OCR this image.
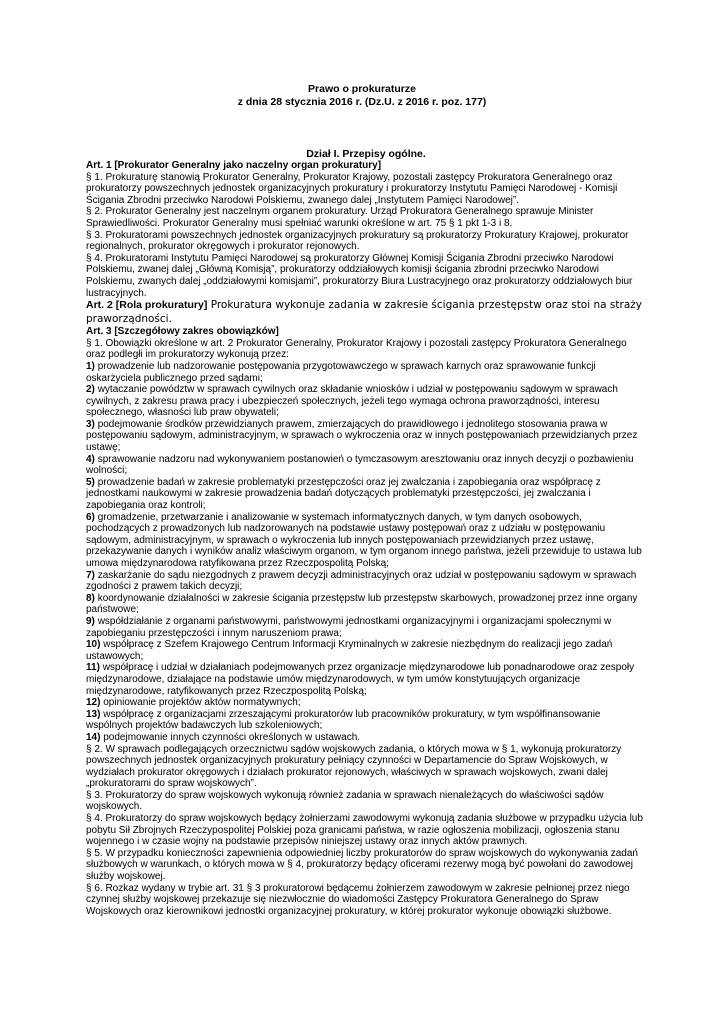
Prawo o prokuraturze
z dnia 28 stycznia 2016 r. (Dz.U. z 2016 r. poz. 177)
Dział I. Przepisy ogólne.
Art. 1 [Prokurator Generalny jako naczelny organ prokuratury]

§ 1. Prokuraturę stanowią Prokurator Generalny, Prokurator Krajowy, pozostali zastępcy Prokuratora Generalnego oraz prokuratorzy powszechnych jednostek organizacyjnych prokuratury i prokuratorzy Instytutu Pamięci Narodowej - Komisji Ścigania Zbrodni przeciwko Narodowi Polskiemu, zwanego dalej „Instytutem Pamięci Narodowej”.

§ 2. Prokurator Generalny jest naczelnym organem prokuratury. Urząd Prokuratora Generalnego sprawuje Minister Sprawiedliwości. Prokurator Generalny musi spełniać warunki określone w art. 75 § 1 pkt 1-3 i 8.

§ 3. Prokuratorami powszechnych jednostek organizacyjnych prokuratury są prokuratorzy Prokuratury Krajowej, prokurator regionalnych, prokurator okręgowych i prokurator rejonowych.

§ 4. Prokuratorami Instytutu Pamięci Narodowej są prokuratorzy Głównej Komisji Ścigania Zbrodni przeciwko Narodowi Polskiemu, zwanej dalej „Główną Komisją”, prokuratorzy oddziałowych komisji ścigania zbrodni przeciwko Narodowi Polskiemu, zwanych dalej „oddziałowymi komisjami”, prokuratorzy Biura Lustracyjnego oraz prokuratorzy oddziałowych biur lustracyjnych.

Art. 2 [Rola prokuratury] Prokuratura wykonuje zadania w zakresie ścigania przestępstw oraz stoi na straży praworządności.

Art. 3 [Szczegółowy zakres obowiązków]

§ 1. Obowiązki określone w art. 2 Prokurator Generalny, Prokurator Krajowy i pozostali zastępcy Prokuratora Generalnego oraz podległi im prokuratorzy wykonują przez:

1) prowadzenie lub nadzorowanie postępowania przygotowawczego w sprawach karnych oraz sprawowanie funkcji oskarżyciela publicznego przed sądami;

2) wytaczanie powództw w sprawach cywilnych oraz składanie wniosków i udział w postępowaniu sądowym w sprawach cywilnych, z zakresu prawa pracy i ubezpieczeń społecznych, jeżeli tego wymaga ochrona praworządności, interesu społecznego, własności lub praw obywateli;

3) podejmowanie środków przewidzianych prawem, zmierzających do prawidłowego i jednolitego stosowania prawa w postępowaniu sądowym, administracyjnym, w sprawach o wykroczenia oraz w innych postępowaniach przewidzianych przez ustawę;

4) sprawowanie nadzoru nad wykonywaniem postanowień o tymczasowym aresztowaniu oraz innych decyzji o pozbawieniu wolności;

5) prowadzenie badań w zakresie problematyki przestępczości oraz jej zwalczania i zapobiegania oraz współpracę z jednostkami naukowymi w zakresie prowadzenia badań dotyczących problematyki przestępczości, jej zwalczania i zapobiegania oraz kontroli;

6) gromadzenie, przetwarzanie i analizowanie w systemach informatycznych danych, w tym danych osobowych, pochodzących z prowadzonych lub nadzorowanych na podstawie ustawy postępowań oraz z udziału w postępowaniu sądowym, administracyjnym, w sprawach o wykroczenia lub innych postępowaniach przewidzianych przez ustawę, przekazywanie danych i wyników analiz właściwym organom, w tym organom innego państwa, jeżeli przewiduje to ustawa lub umowa międzynarodowa ratyfikowana przez Rzeczpospolitą Polską;

7) zaskarżanie do sądu niezgodnych z prawem decyzji administracyjnych oraz udział w postępowaniu sądowym w sprawach zgodności z prawem takich decyzji;

8) koordynowanie działalności w zakresie ścigania przestępstw lub przestępstw skarbowych, prowadzonej przez inne organy państwowe;

9) współdziałanie z organami państwowymi, państwowymi jednostkami organizacyjnymi i organizacjami społecznymi w zapobieganiu przestępczości i innym naruszeniom prawa;

10) współpracę z Szefem Krajowego Centrum Informacji Kryminalnych w zakresie niezbędnym do realizacji jego zadań ustawowych;

11) współpracę i udział w działaniach podejmowanych przez organizacje międzynarodowe lub ponadnarodowe oraz zespoły międzynarodowe, działające na podstawie umów międzynarodowych, w tym umów konstytuujących organizacje międzynarodowe, ratyfikowanych przez Rzeczpospolitą Polską;

12) opiniowanie projektów aktów normatywnych;

13) współpracę z organizacjami zrzeszającymi prokuratorów lub pracowników prokuratury, w tym współfinansowanie wspólnych projektów badawczych lub szkoleniowych;

14) podejmowanie innych czynności określonych w ustawach.

§ 2. W sprawach podlegających orzecznictwu sądów wojskowych zadania, o których mowa w § 1, wykonują prokuratorzy powszechnych jednostek organizacyjnych prokuratury pełniący czynności w Departamencie do Spraw Wojskowych, w wydziałach prokurator okręgowych i działach prokurator rejonowych, właściwych w sprawach wojskowych, zwani dalej „prokuratorami do spraw wojskowych”.

§ 3. Prokuratorzy do spraw wojskowych wykonują również zadania w sprawach nienależących do właściwości sądów wojskowych.

§ 4. Prokuratorzy do spraw wojskowych będący żołnierzami zawodowymi wykonują zadania służbowe w przypadku użycia lub pobytu Sił Zbrojnych Rzeczypospolitej Polskiej poza granicami państwa, w razie ogłoszenia mobilizacji, ogłoszenia stanu wojennego i w czasie wojny na podstawie przepisów niniejszej ustawy oraz innych aktów prawnych.

§ 5. W przypadku konieczności zapewnienia odpowiedniej liczby prokuratorów do spraw wojskowych do wykonywania zadań służbowych w warunkach, o których mowa w § 4, prokuratorzy będący oficerami rezerwy mogą być powołani do zawodowej służby wojskowej.

§ 6. Rozkaz wydany w trybie art. 31 § 3 prokuratorowi będącemu żołnierzem zawodowym w zakresie pełnionej przez niego czynnej służby wojskowej przekazuje się niezwłocznie do wiadomości Zastępcy Prokuratora Generalnego do Spraw Wojskowych oraz kierownikowi jednostki organizacyjnej prokuratury, w której prokurator wykonuje obowiązki służbowe.
